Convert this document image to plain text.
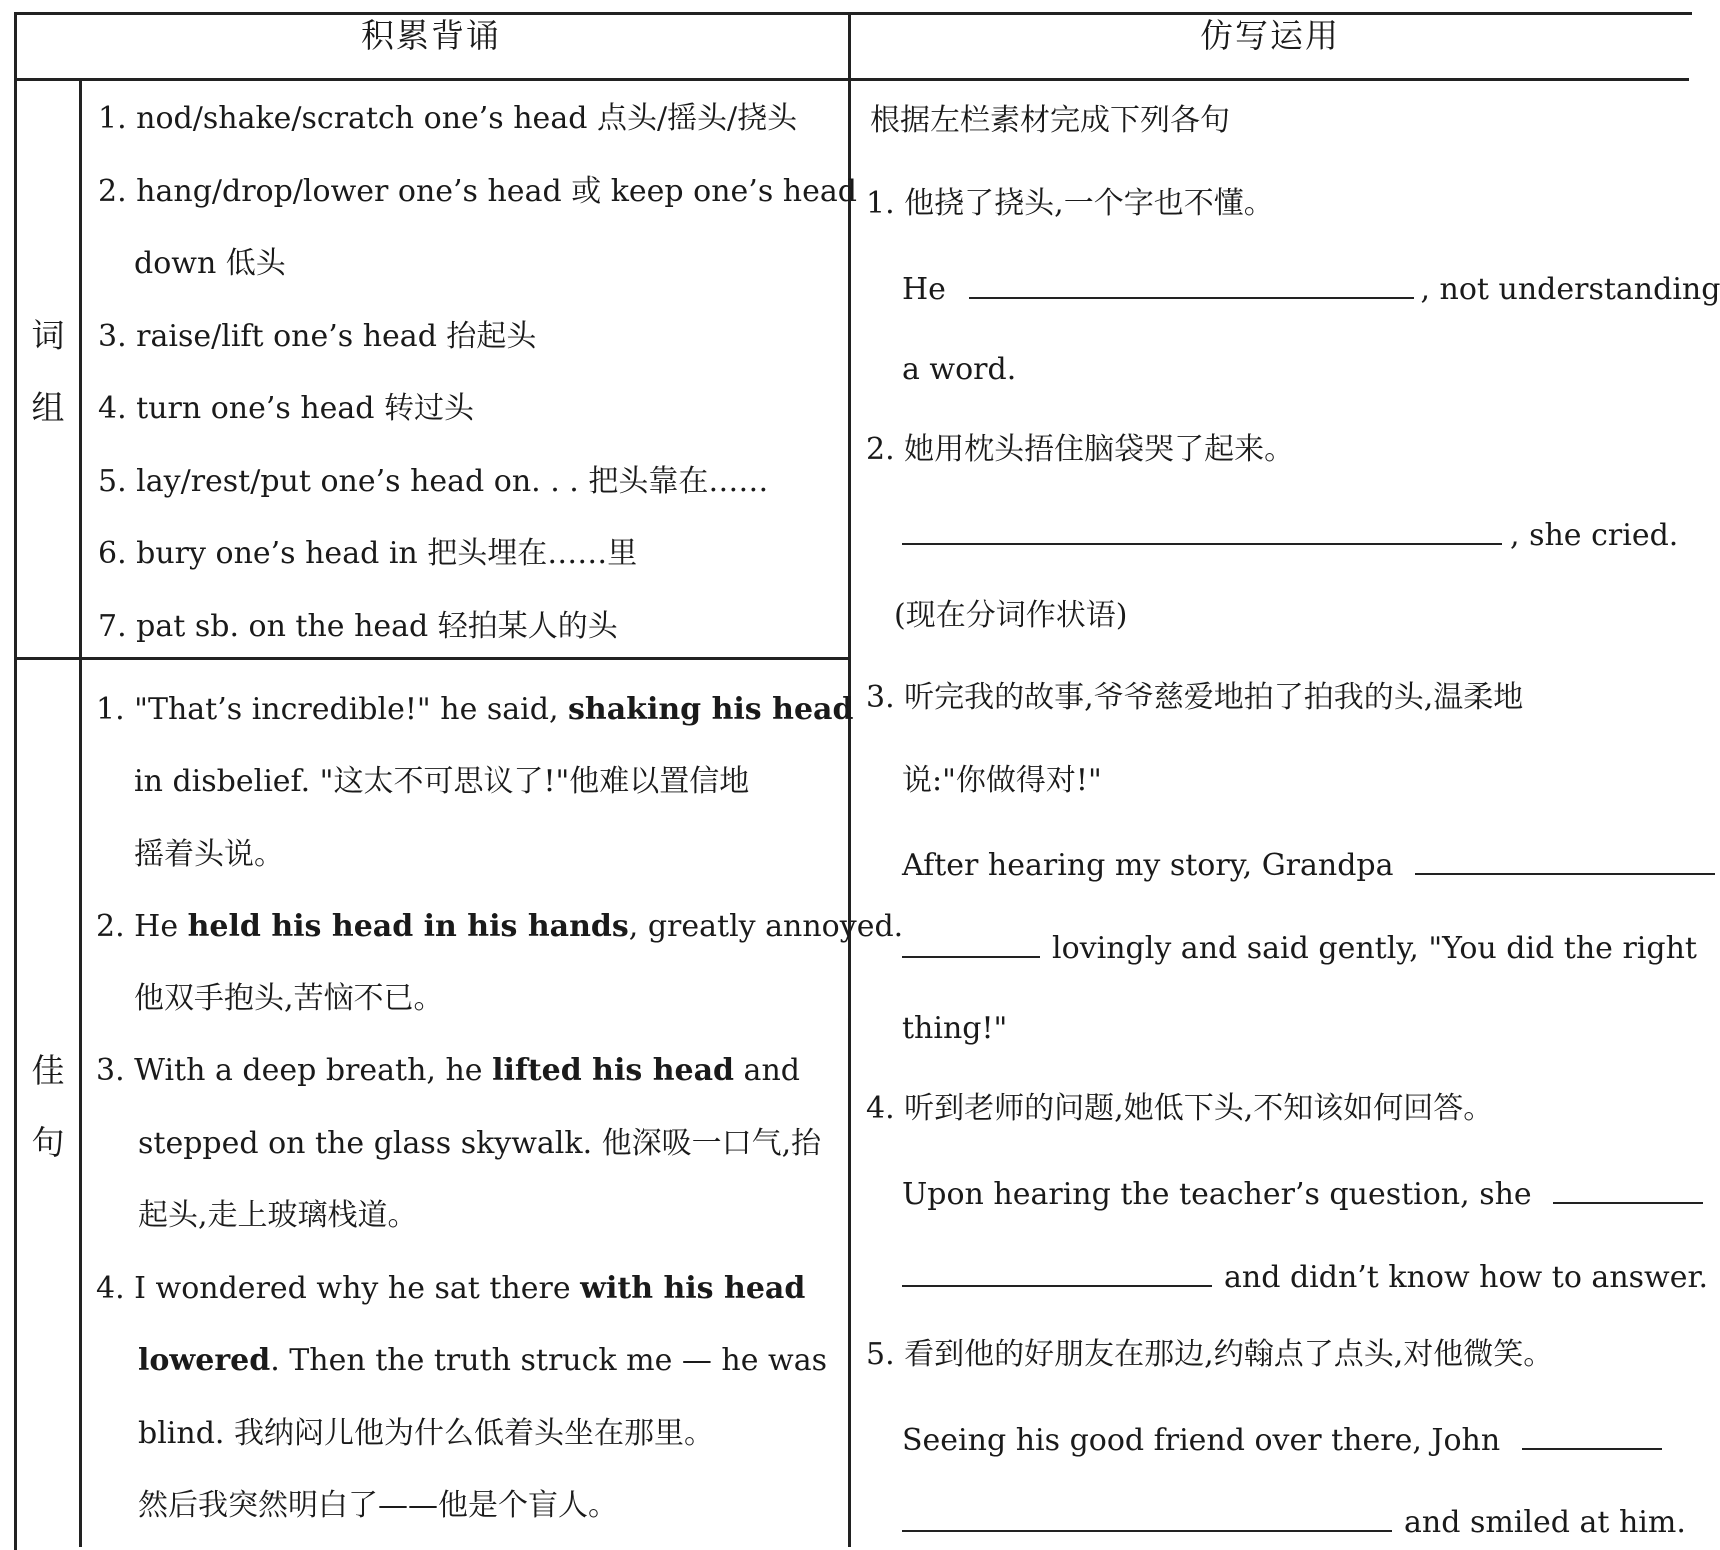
积累背诵	仿写运用
词
组
佳
句
1. nod/shake/scratch one’s head 点头/摇头/挠头
2. hang/drop/lower one’s head 或 keep one’s head
down 低头
3. raise/lift one’s head 抬起头
4. turn one’s head 转过头
5. lay/rest/put one’s head on. . . 把头靠在……
6. bury one’s head in 把头埋在……里
7. pat sb. on the head 轻拍某人的头
1. "That’s incredible!" he said, shaking his head
in disbelief. "这太不可思议了!"他难以置信地
摇着头说。
2. He held his head in his hands, greatly annoyed.
他双手抱头,苦恼不已。
3. With a deep breath, he lifted his head and
stepped on the glass skywalk. 他深吸一口气,抬
起头,走上玻璃栈道。
4. I wondered why he sat there with his head
lowered. Then the truth struck me — he was
blind. 我纳闷儿他为什么低着头坐在那里。
然后我突然明白了——他是个盲人。
根据左栏素材完成下列各句
1. 他挠了挠头,一个字也不懂。
He	, not understanding
a word.
2. 她用枕头捂住脑袋哭了起来。
, she cried.
(现在分词作状语)
3. 听完我的故事,爷爷慈爱地拍了拍我的头,温柔地
说:"你做得对!"
After hearing my story, Grandpa
lovingly and said gently, "You did the right
thing!"
4. 听到老师的问题,她低下头,不知该如何回答。
Upon hearing the teacher’s question, she
and didn’t know how to answer.
5. 看到他的好朋友在那边,约翰点了点头,对他微笑。
Seeing his good friend over there, John
and smiled at him.
